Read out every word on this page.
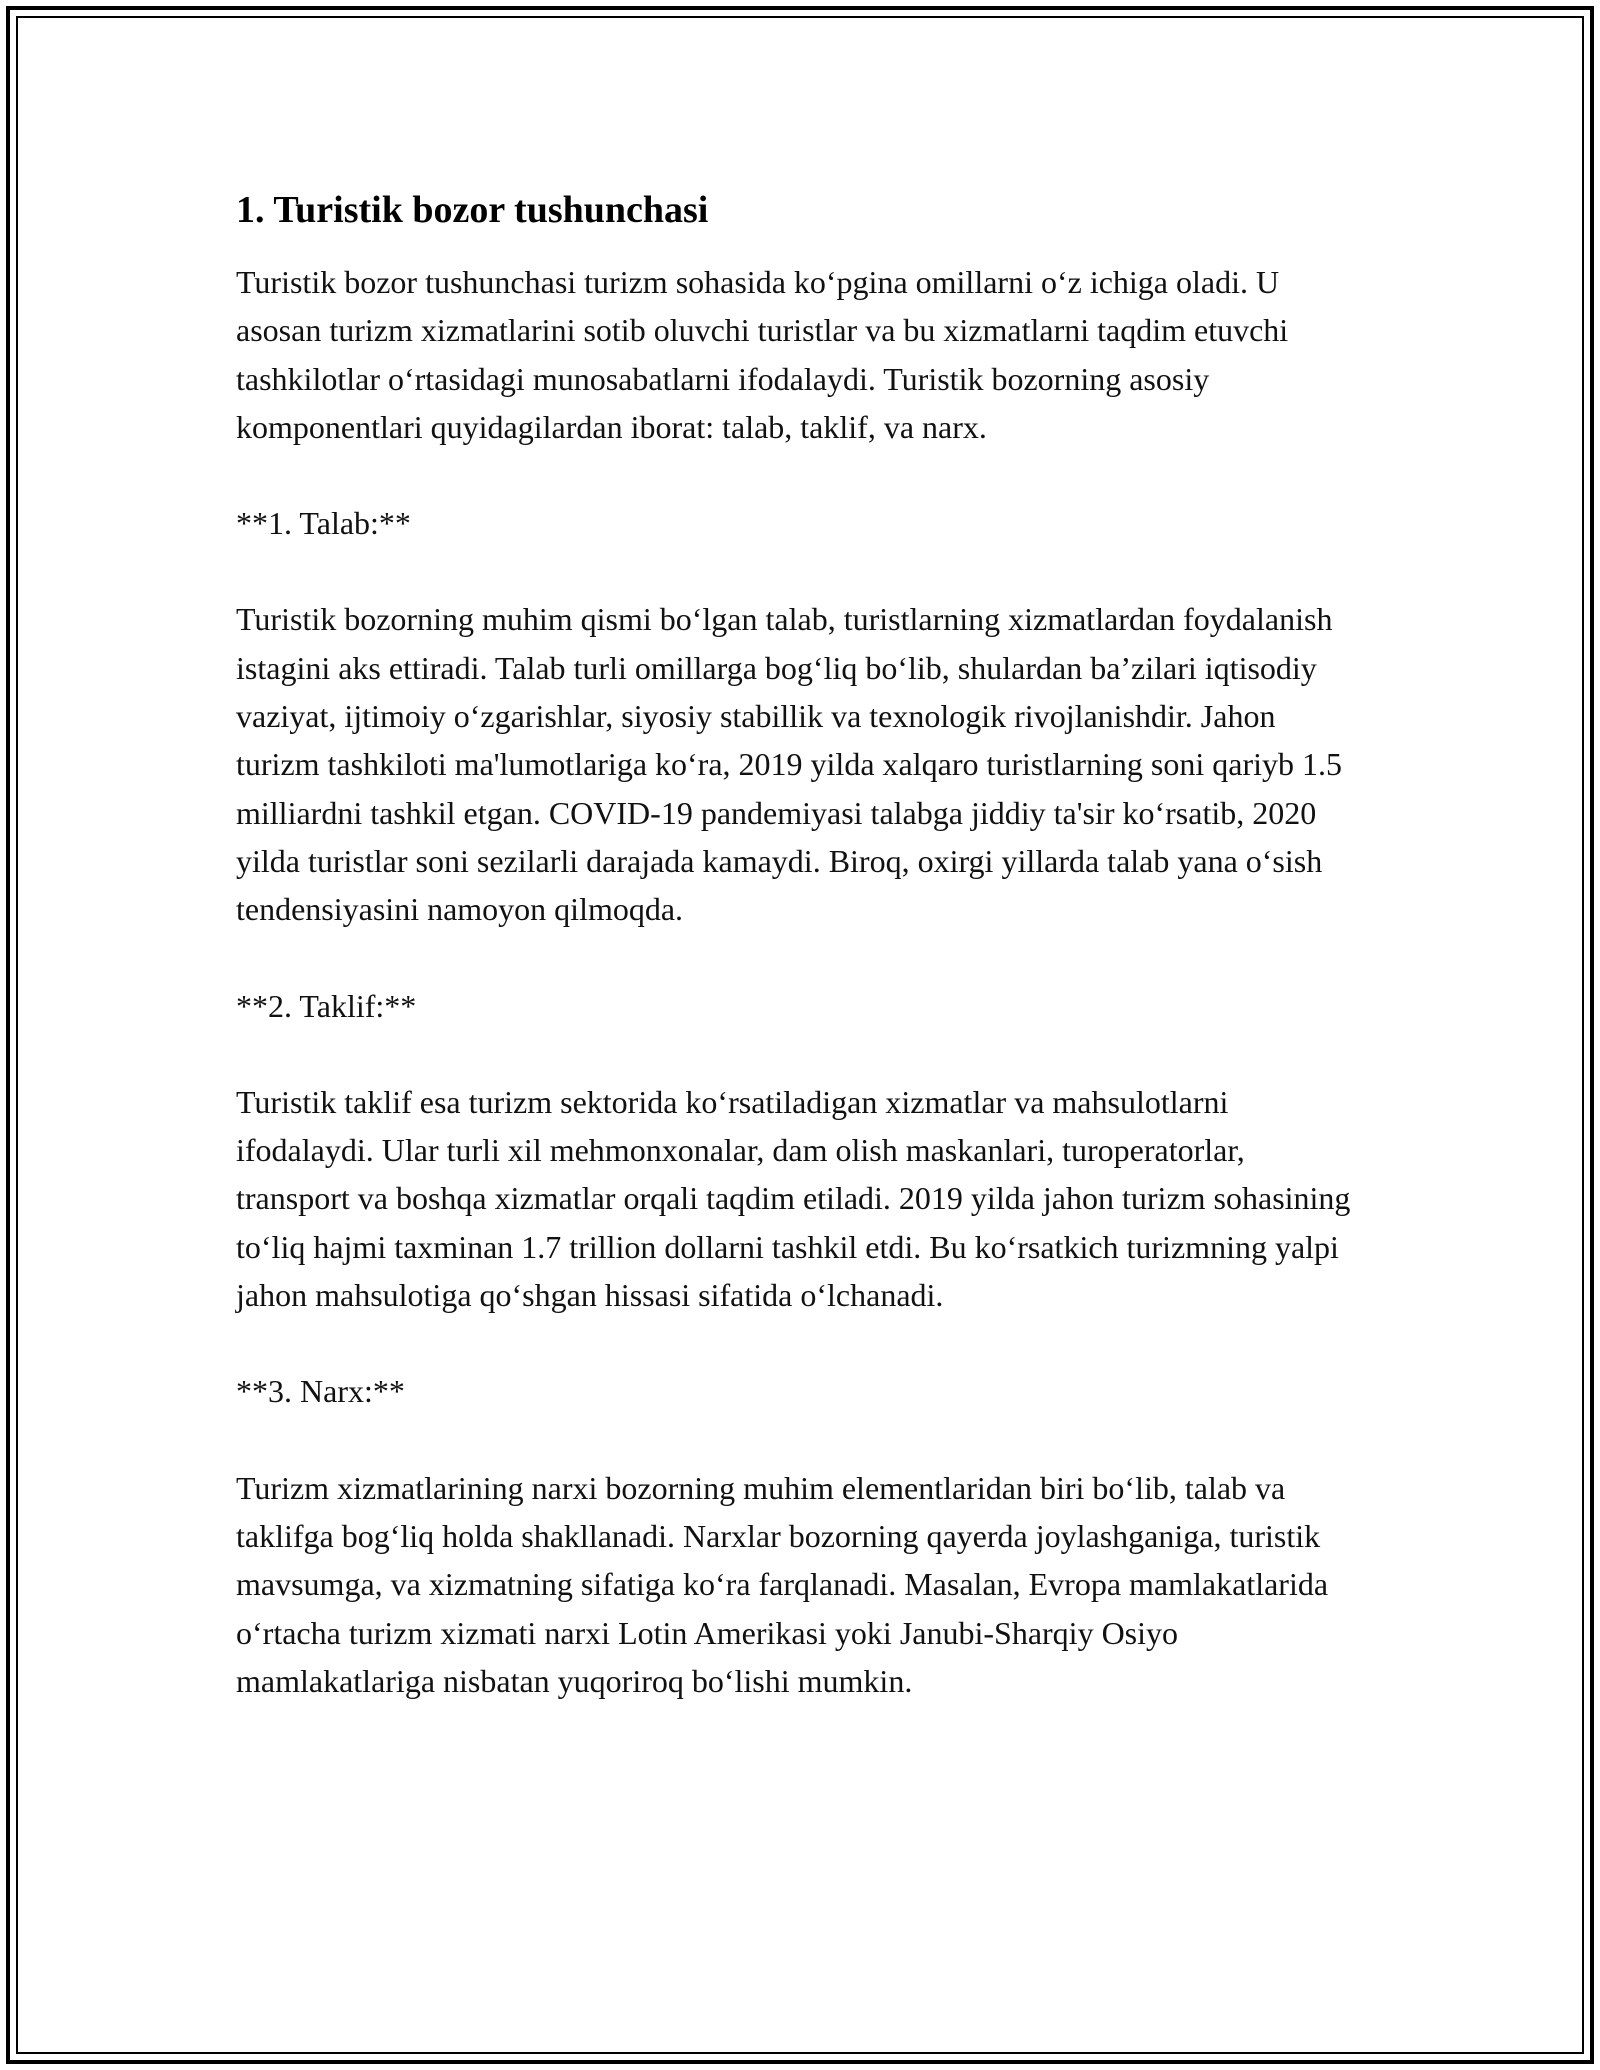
1. Turistik bozor tushunchasi

Turistik bozor tushunchasi turizm sohasida ko‘pgina omillarni o‘z ichiga oladi. U asosan turizm xizmatlarini sotib oluvchi turistlar va bu xizmatlarni taqdim etuvchi tashkilotlar o‘rtasidagi munosabatlarni ifodalaydi. Turistik bozorning asosiy komponentlari quyidagilardan iborat: talab, taklif, va narx.

**1. Talab:**

Turistik bozorning muhim qismi bo‘lgan talab, turistlarning xizmatlardan foydalanish istagini aks ettiradi. Talab turli omillarga bog‘liq bo‘lib, shulardan ba’zilari iqtisodiy vaziyat, ijtimoiy o‘zgarishlar, siyosiy stabillik va texnologik rivojlanishdir. Jahon turizm tashkiloti ma'lumotlariga ko‘ra, 2019 yilda xalqaro turistlarning soni qariyb 1.5 milliardni tashkil etgan. COVID-19 pandemiyasi talabga jiddiy ta'sir ko‘rsatib, 2020 yilda turistlar soni sezilarli darajada kamaydi. Biroq, oxirgi yillarda talab yana o‘sish tendensiyasini namoyon qilmoqda.

**2. Taklif:**

Turistik taklif esa turizm sektorida ko‘rsatiladigan xizmatlar va mahsulotlarni ifodalaydi. Ular turli xil mehmonxonalar, dam olish maskanlari, turoperatorlar, transport va boshqa xizmatlar orqali taqdim etiladi. 2019 yilda jahon turizm sohasining to‘liq hajmi taxminan 1.7 trillion dollarni tashkil etdi. Bu ko‘rsatkich turizmning yalpi jahon mahsulotiga qo‘shgan hissasi sifatida o‘lchanadi.

**3. Narx:**

Turizm xizmatlarining narxi bozorning muhim elementlaridan biri bo‘lib, talab va taklifga bog‘liq holda shakllanadi. Narxlar bozorning qayerda joylashganiga, turistik mavsumga, va xizmatning sifatiga ko‘ra farqlanadi. Masalan, Evropa mamlakatlarida o‘rtacha turizm xizmati narxi Lotin Amerikasi yoki Janubi-Sharqiy Osiyo mamlakatlariga nisbatan yuqoriroq bo‘lishi mumkin.
